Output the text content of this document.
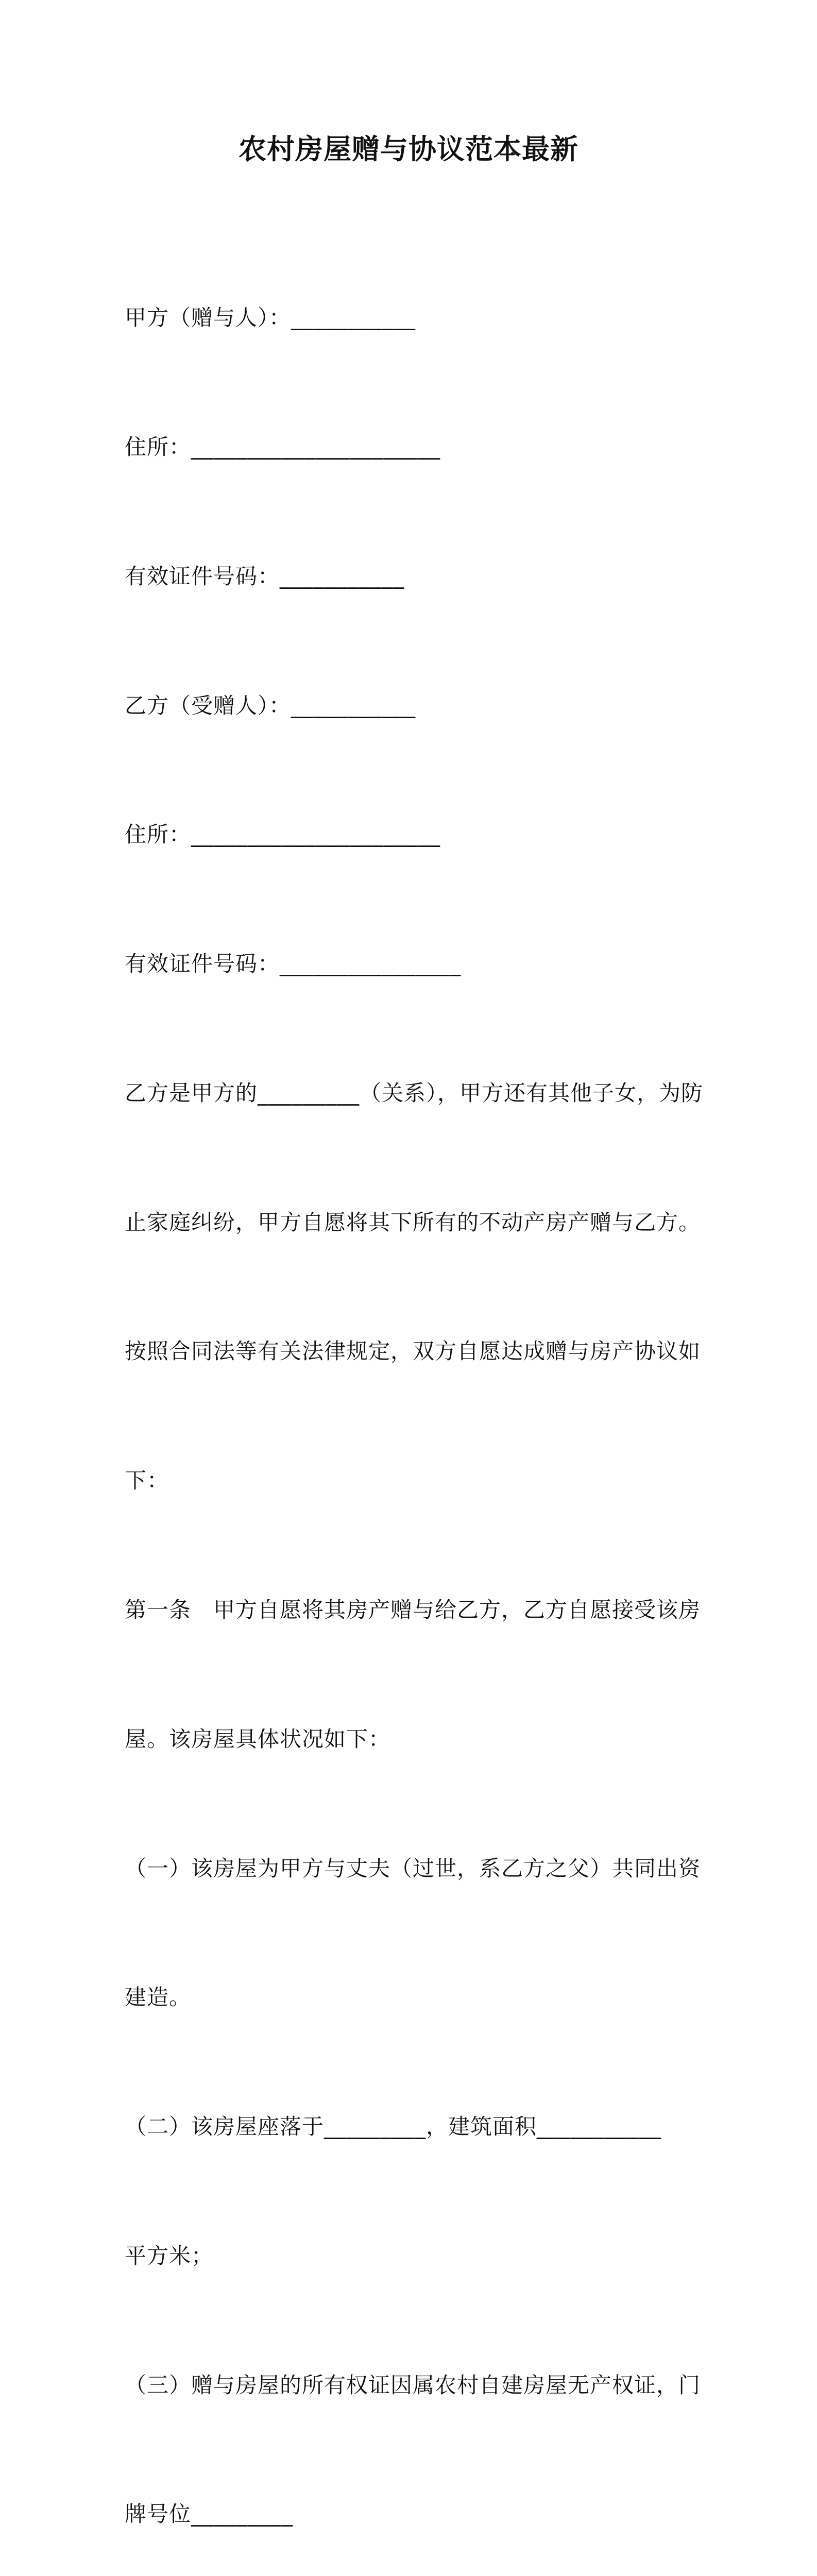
农村房屋赠与协议范本最新

甲方（赠与人）：___________

住所：______________________

有效证件号码：___________

乙方（受赠人）：___________

住所：______________________

有效证件号码：________________

乙方是甲方的_________（关系），甲方还有其他子女，为防

止家庭纠纷，甲方自愿将其下所有的不动产房产赠与乙方。

按照合同法等有关法律规定，双方自愿达成赠与房产协议如

下：

第一条　甲方自愿将其房产赠与给乙方，乙方自愿接受该房

屋。该房屋具体状况如下：

（一）该房屋为甲方与丈夫（过世，系乙方之父）共同出资

建造。

（二）该房屋座落于_________，建筑面积___________

平方米；

（三）赠与房屋的所有权证因属农村自建房屋无产权证，门

牌号位_________
